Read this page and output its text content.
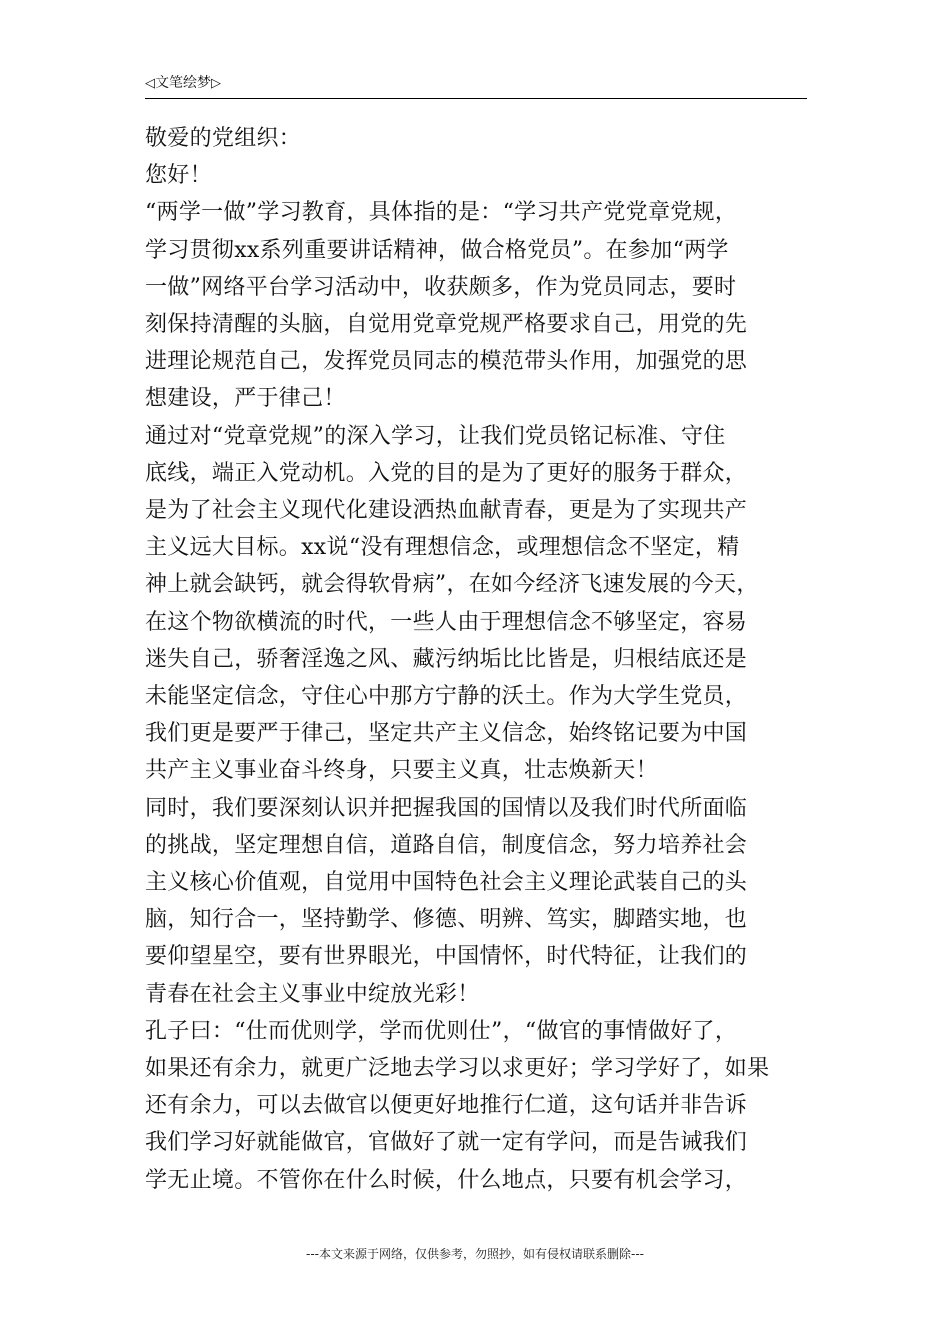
◁文笔绘梦▷
敬爱的党组织：
您好！
“两学一做”学习教育，具体指的是：“学习共产党党章党规，
学习贯彻xx系列重要讲话精神，做合格党员”。在参加“两学
一做”网络平台学习活动中，收获颇多，作为党员同志，要时
刻保持清醒的头脑，自觉用党章党规严格要求自己，用党的先
进理论规范自己，发挥党员同志的模范带头作用，加强党的思
想建设，严于律己！
通过对“党章党规”的深入学习，让我们党员铭记标准、守住
底线，端正入党动机。入党的目的是为了更好的服务于群众，
是为了社会主义现代化建设洒热血献青春，更是为了实现共产
主义远大目标。xx说“没有理想信念，或理想信念不坚定，精
神上就会缺钙，就会得软骨病”，在如今经济飞速发展的今天，
在这个物欲横流的时代，一些人由于理想信念不够坚定，容易
迷失自己，骄奢淫逸之风、藏污纳垢比比皆是，归根结底还是
未能坚定信念，守住心中那方宁静的沃土。作为大学生党员，
我们更是要严于律己，坚定共产主义信念，始终铭记要为中国
共产主义事业奋斗终身，只要主义真，壮志焕新天！
同时，我们要深刻认识并把握我国的国情以及我们时代所面临
的挑战，坚定理想自信，道路自信，制度信念，努力培养社会
主义核心价值观，自觉用中国特色社会主义理论武装自己的头
脑，知行合一，坚持勤学、修德、明辨、笃实，脚踏实地，也
要仰望星空，要有世界眼光，中国情怀，时代特征，让我们的
青春在社会主义事业中绽放光彩！
孔子曰：“仕而优则学，学而优则仕”，“做官的事情做好了，
如果还有余力，就更广泛地去学习以求更好；学习学好了，如果
还有余力，可以去做官以便更好地推行仁道，这句话并非告诉
我们学习好就能做官，官做好了就一定有学问，而是告诫我们
学无止境。不管你在什么时候，什么地点，只要有机会学习，
---本文来源于网络，仅供参考，勿照抄，如有侵权请联系删除---
